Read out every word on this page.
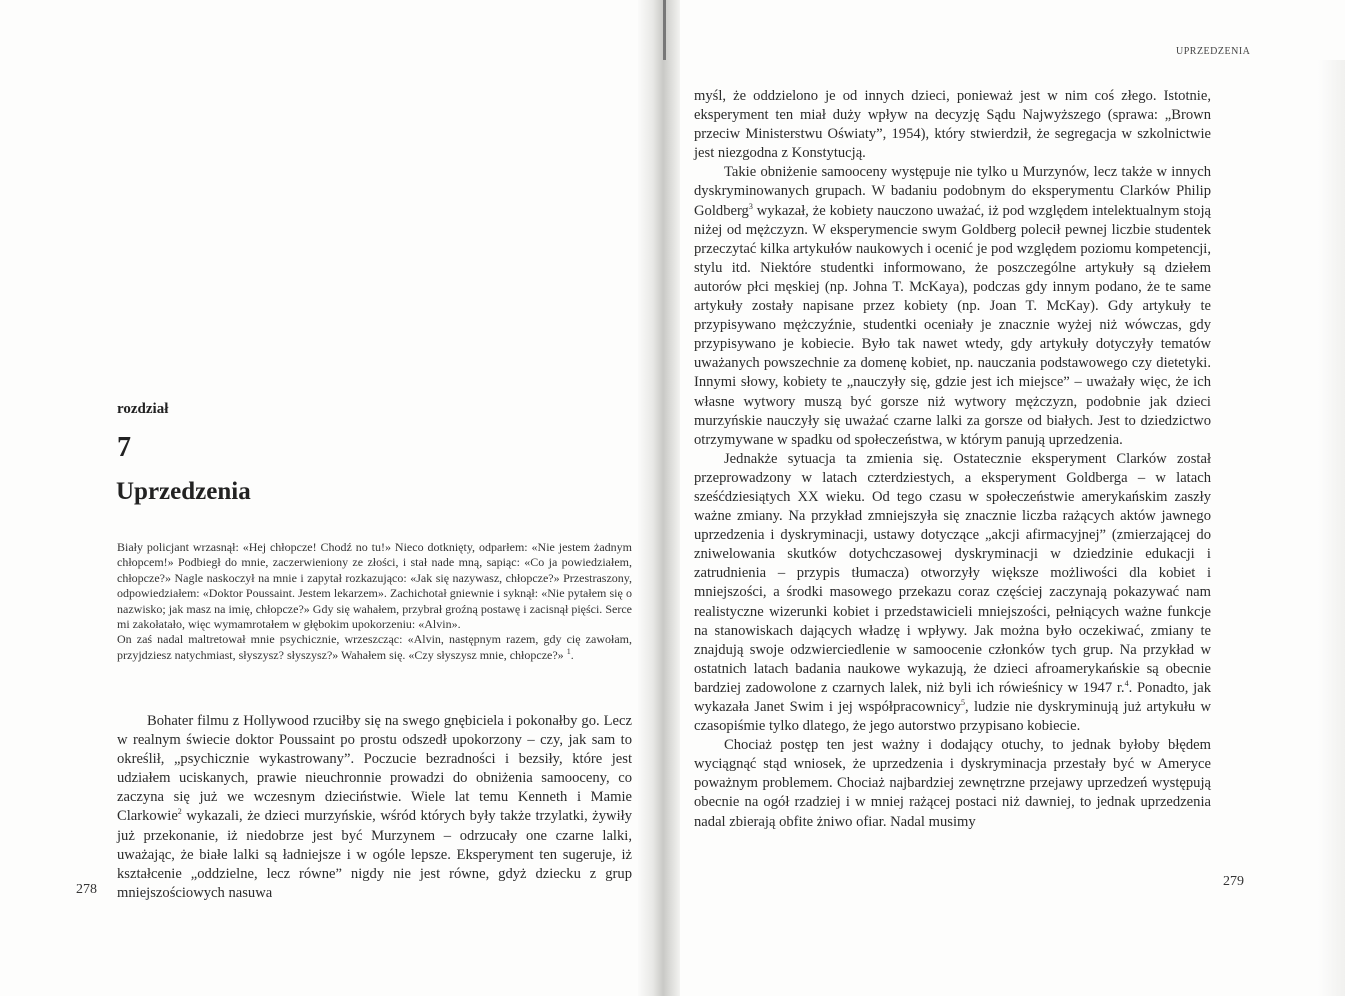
rozdział
7
Uprzedzenia

Biały policjant wrzasnął: «Hej chłopcze! Chodź no tu!» Nieco dotknięty, odparłem: «Nie jestem żadnym chłopcem!» Podbiegł do mnie, zaczerwieniony ze złości, i stał nade mną, sapiąc: «Co ja powiedziałem, chłopcze?» Nagle naskoczył na mnie i zapytał rozkazująco: «Jak się nazywasz, chłopcze?» Przestraszony, odpowiedziałem: «Doktor Poussaint. Jestem lekarzem». Zachichotał gniewnie i syknął: «Nie pytałem się o nazwisko; jak masz na imię, chłopcze?» Gdy się wahałem, przybrał groźną postawę i zacisnął pięści. Serce mi zakołatało, więc wymamrotałem w głębokim upokorzeniu: «Alvin».

On zaś nadal maltretował mnie psychicznie, wrzeszcząc: «Alvin, następnym razem, gdy cię zawołam, przyjdziesz natychmiast, słyszysz? słyszysz?» Wahałem się. «Czy słyszysz mnie, chłopcze?» $^1$.

Bohater filmu z Hollywood rzuciłby się na swego gnębiciela i pokonałby go. Lecz w realnym świecie doktor Poussaint po prostu odszedł upokorzony – czy, jak sam to określił, „psychicznie wykastrowany”. Poczucie bezradności i bezsiły, które jest udziałem uciskanych, prawie nieuchronnie prowadzi do obniżenia samooceny, co zaczyna się już we wczesnym dzieciństwie. Wiele lat temu Kenneth i Mamie Clarkowie$^2$ wykazali, że dzieci murzyńskie, wśród których były także trzylatki, żywiły już przekonanie, iż niedobrze jest być Murzynem – odrzucały one czarne lalki, uważając, że białe lalki są ładniejsze i w ogóle lepsze. Eksperyment ten sugeruje, iż kształcenie „oddzielne, lecz równe” nigdy nie jest równe, gdyż dziecku z grup mniejszościowych nasuwa

278
UPRZEDZENIA

myśl, że oddzielono je od innych dzieci, ponieważ jest w nim coś złego. Istotnie, eksperyment ten miał duży wpływ na decyzję Sądu Najwyższego (sprawa: „Brown przeciw Ministerstwu Oświaty”, 1954), który stwierdził, że segregacja w szkolnictwie jest niezgodna z Konstytucją.

Takie obniżenie samooceny występuje nie tylko u Murzynów, lecz także w innych dyskryminowanych grupach. W badaniu podobnym do eksperymentu Clarków Philip Goldberg$^3$ wykazał, że kobiety nauczono uważać, iż pod względem intelektualnym stoją niżej od mężczyzn. W eksperymencie swym Goldberg polecił pewnej liczbie studentek przeczytać kilka artykułów naukowych i ocenić je pod względem poziomu kompetencji, stylu itd. Niektóre studentki informowano, że poszczególne artykuły są dziełem autorów płci męskiej (np. Johna T. McKaya), podczas gdy innym podano, że te same artykuły zostały napisane przez kobiety (np. Joan T. McKay). Gdy artykuły te przypisywano mężczyźnie, studentki oceniały je znacznie wyżej niż wówczas, gdy przypisywano je kobiecie. Było tak nawet wtedy, gdy artykuły dotyczyły tematów uważanych powszechnie za domenę kobiet, np. nauczania podstawowego czy dietetyki. Innymi słowy, kobiety te „nauczyły się, gdzie jest ich miejsce” – uważały więc, że ich własne wytwory muszą być gorsze niż wytwory mężczyzn, podobnie jak dzieci murzyńskie nauczyły się uważać czarne lalki za gorsze od białych. Jest to dziedzictwo otrzymywane w spadku od społeczeństwa, w którym panują uprzedzenia.

Jednakże sytuacja ta zmienia się. Ostatecznie eksperyment Clarków został przeprowadzony w latach czterdziestych, a eksperyment Goldberga – w latach sześćdziesiątych XX wieku. Od tego czasu w społeczeństwie amerykańskim zaszły ważne zmiany. Na przykład zmniejszyła się znacznie liczba rażących aktów jawnego uprzedzenia i dyskryminacji, ustawy dotyczące „akcji afirmacyjnej” (zmierzającej do zniwelowania skutków dotychczasowej dyskryminacji w dziedzinie edukacji i zatrudnienia – przypis tłumacza) otworzyły większe możliwości dla kobiet i mniejszości, a środki masowego przekazu coraz częściej zaczynają pokazywać nam realistyczne wizerunki kobiet i przedstawicieli mniejszości, pełniących ważne funkcje na stanowiskach dających władzę i wpływy. Jak można było oczekiwać, zmiany te znajdują swoje odzwierciedlenie w samoocenie członków tych grup. Na przykład w ostatnich latach badania naukowe wykazują, że dzieci afroamerykańskie są obecnie bardziej zadowolone z czarnych lalek, niż byli ich rówieśnicy w 1947 r.$^4$. Ponadto, jak wykazała Janet Swim i jej współpracownicy$^5$, ludzie nie dyskryminują już artykułu w czasopiśmie tylko dlatego, że jego autorstwo przypisano kobiecie.

Chociaż postęp ten jest ważny i dodający otuchy, to jednak byłoby błędem wyciągnąć stąd wniosek, że uprzedzenia i dyskryminacja przestały być w Ameryce poważnym problemem. Chociaż najbardziej zewnętrzne przejawy uprzedzeń występują obecnie na ogół rzadziej i w mniej rażącej postaci niż dawniej, to jednak uprzedzenia nadal zbierają obfite żniwo ofiar. Nadal musimy

279
